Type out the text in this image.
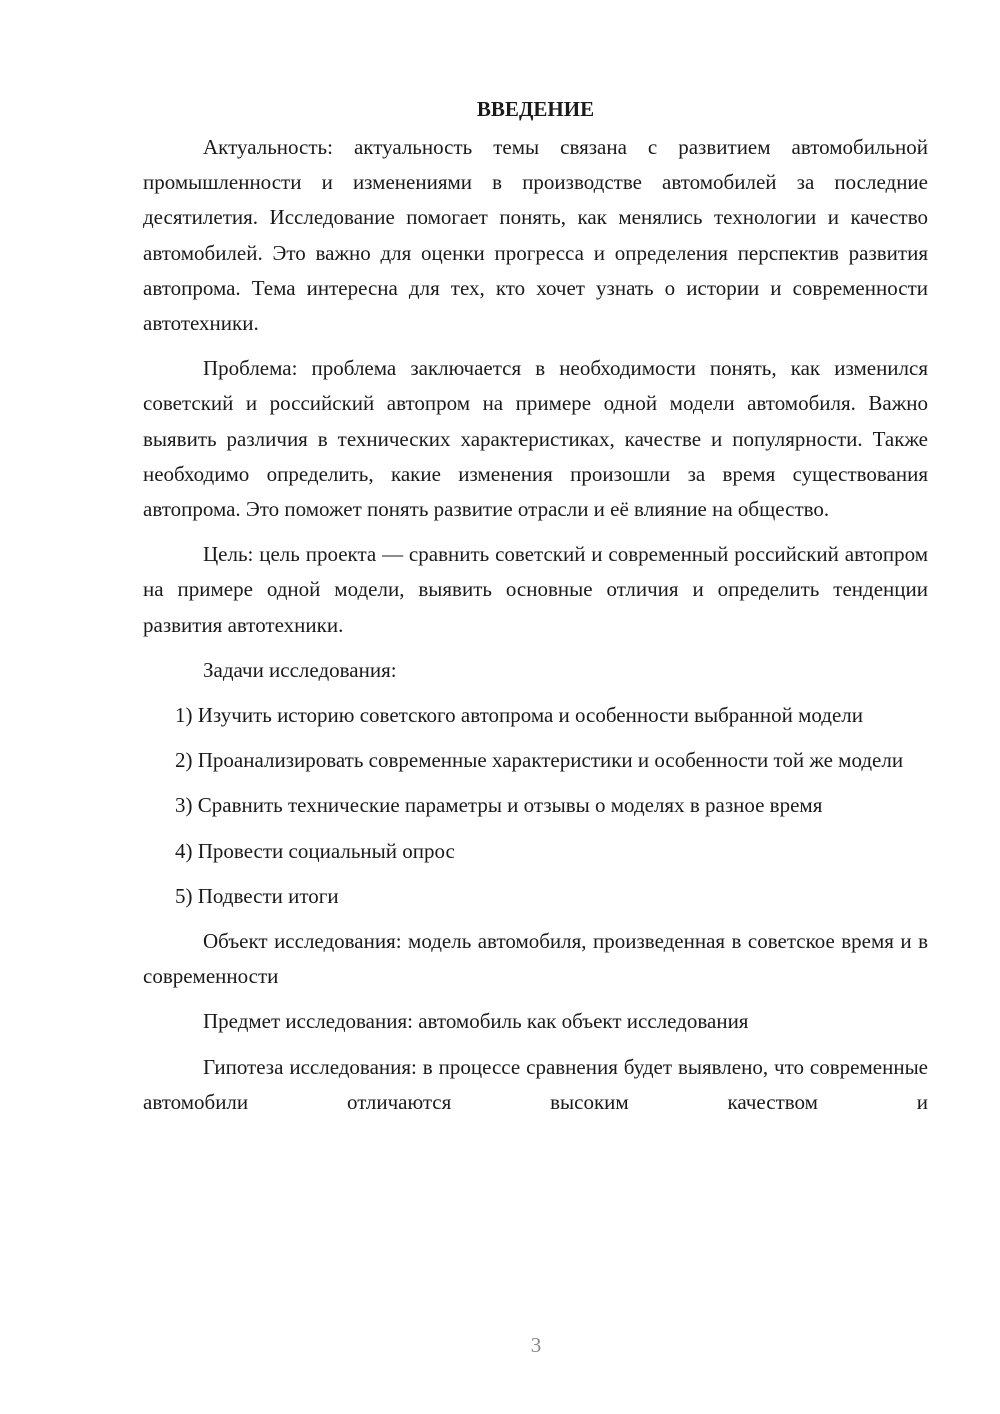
ВВЕДЕНИЕ

Актуальность: актуальность темы связана с развитием автомобильной промышленности и изменениями в производстве автомобилей за последние десятилетия. Исследование помогает понять, как менялись технологии и качество автомобилей. Это важно для оценки прогресса и определения перспектив развития автопрома. Тема интересна для тех, кто хочет узнать о истории и современности автотехники.

Проблема: проблема заключается в необходимости понять, как изменился советский и российский автопром на примере одной модели автомобиля. Важно выявить различия в технических характеристиках, качестве и популярности. Также необходимо определить, какие изменения произошли за время существования автопрома. Это поможет понять развитие отрасли и её влияние на общество.

Цель: цель проекта — сравнить советский и современный российский автопром на примере одной модели, выявить основные отличия и определить тенденции развития автотехники.

Задачи исследования:

1) Изучить историю советского автопрома и особенности выбранной модели

2) Проанализировать современные характеристики и особенности той же модели

3) Сравнить технические параметры и отзывы о моделях в разное время

4) Провести социальный опрос

5) Подвести итоги

Объект исследования: модель автомобиля, произведенная в советское время и в современности

Предмет исследования: автомобиль как объект исследования

Гипотеза исследования: в процессе сравнения будет выявлено, что современные автомобили отличаются высоким качеством и

3
